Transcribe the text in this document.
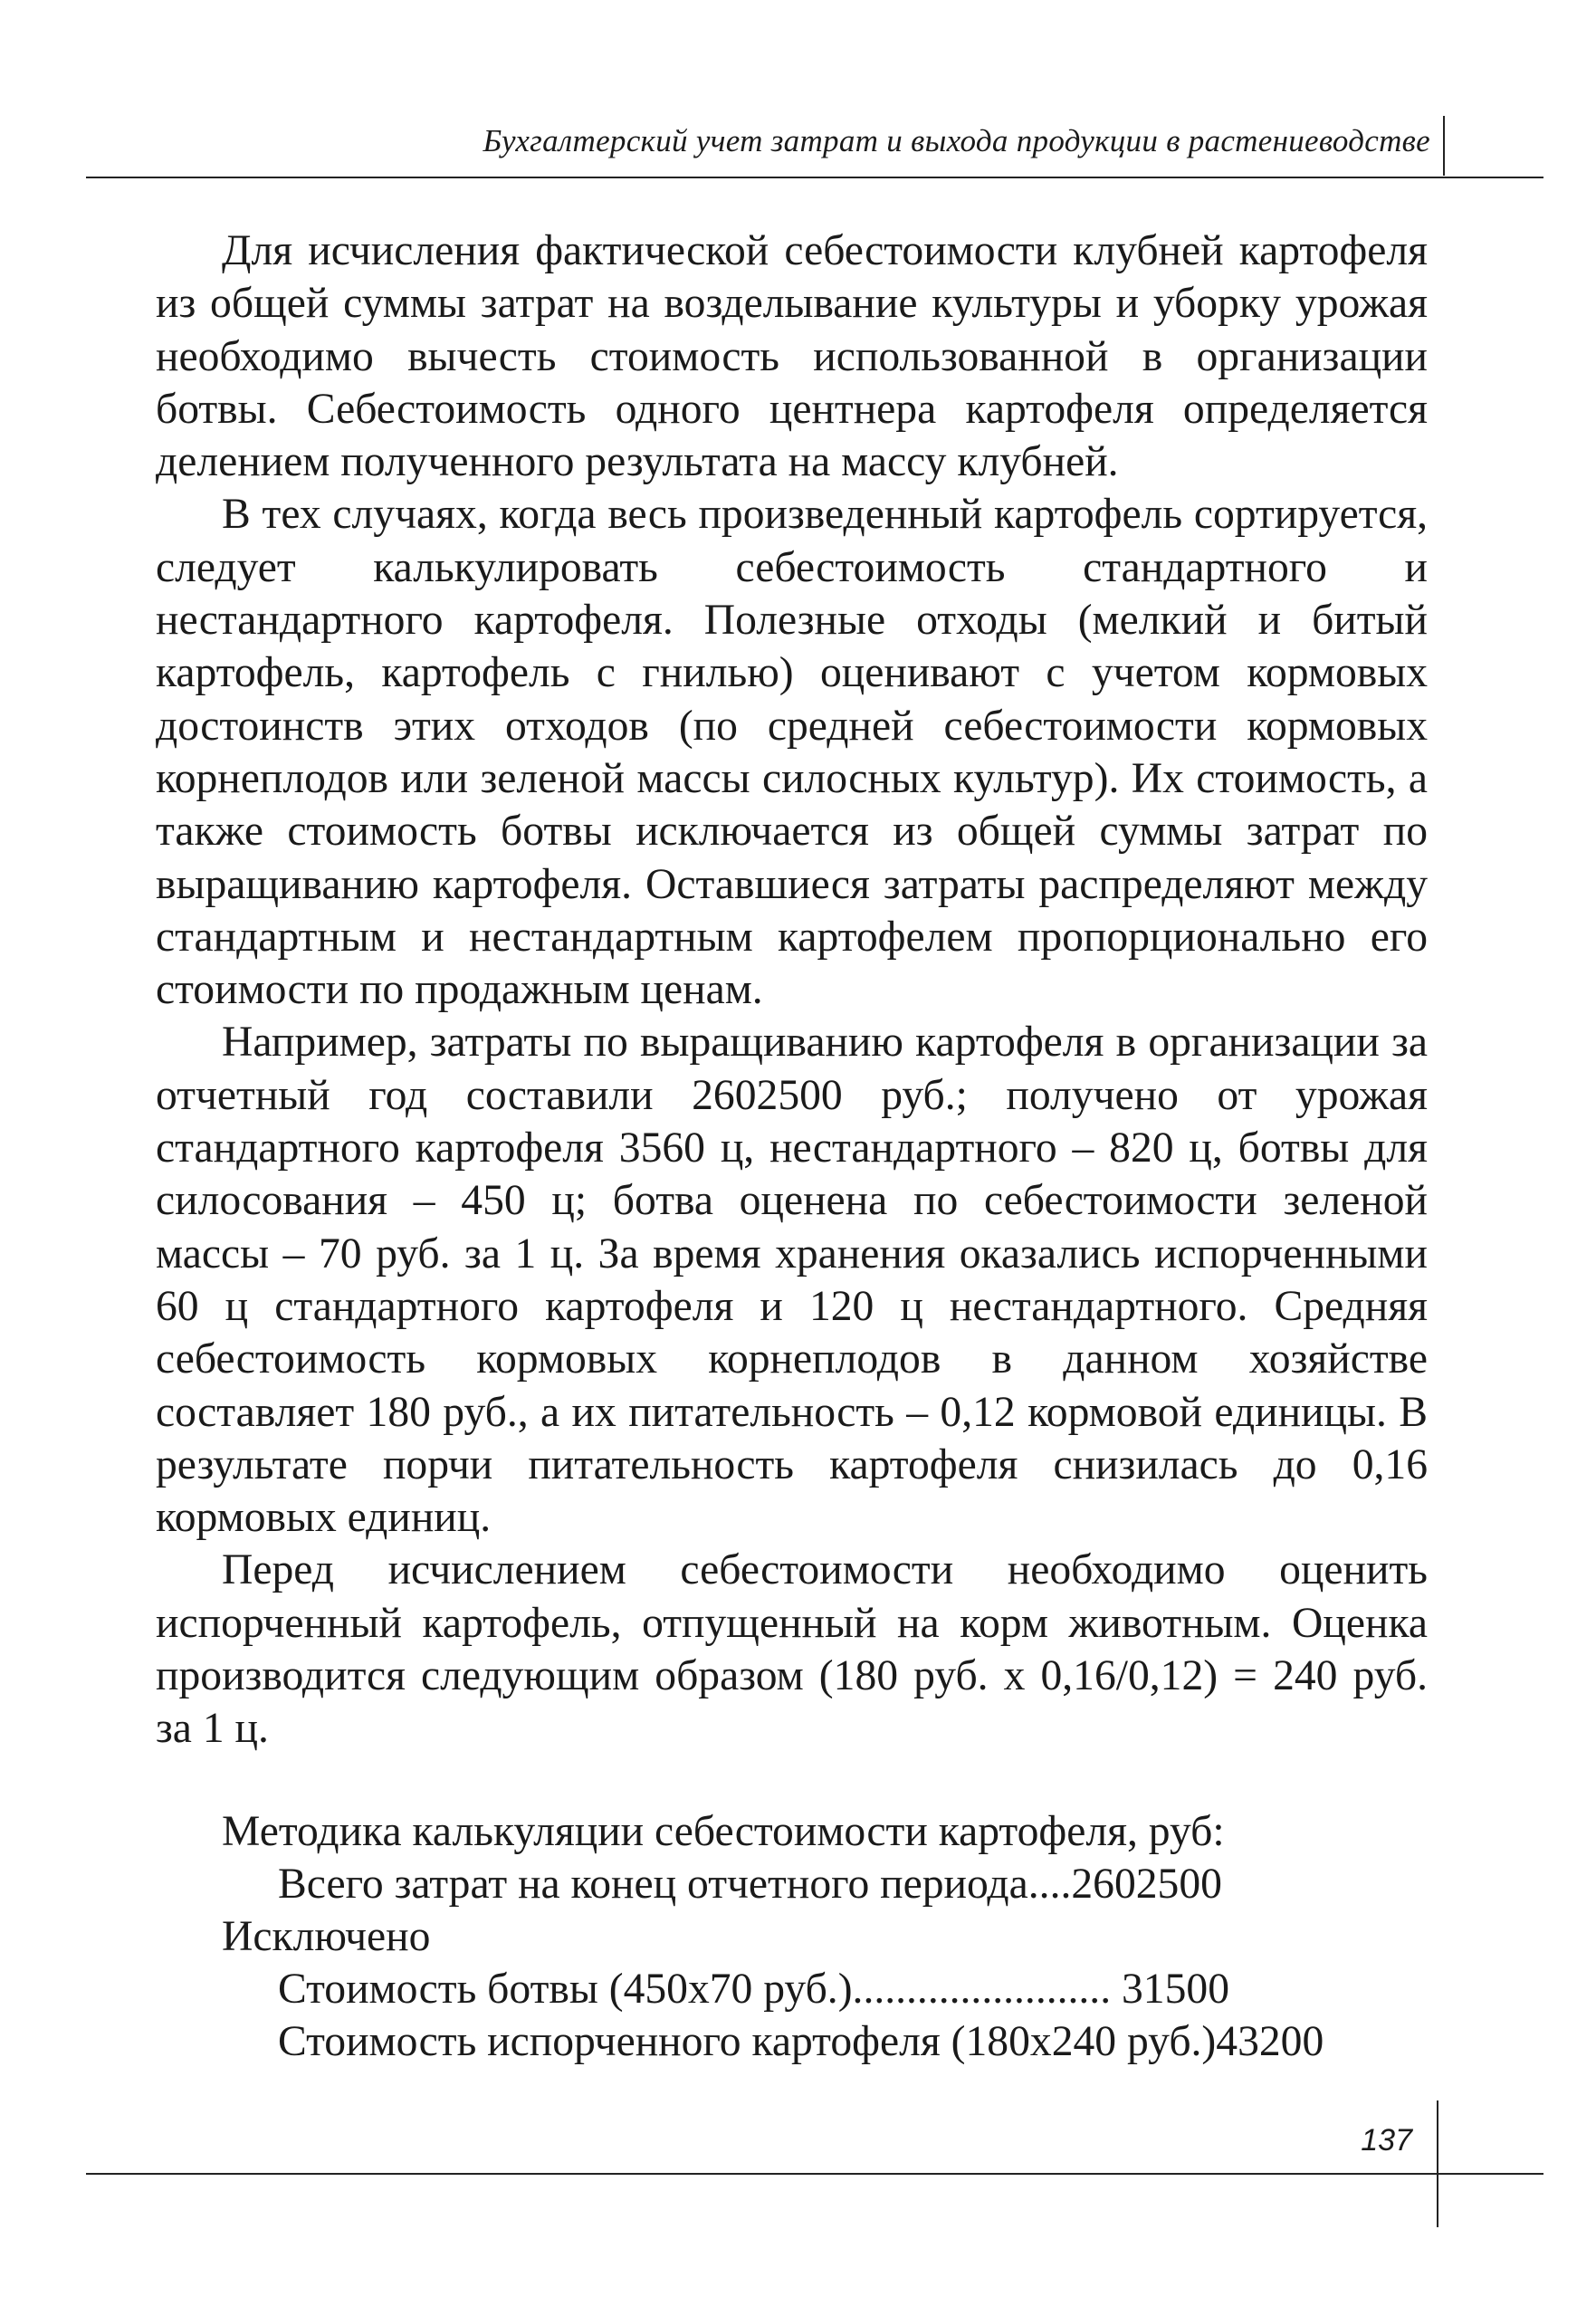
Бухгалтерский учет затрат и выхода продукции в растениеводстве

Для исчисления фактической себестоимости клубней картофеля из общей суммы затрат на возделывание культуры и уборку урожая необходимо вычесть стоимость использованной в организации ботвы. Себестоимость одного центнера картофеля определяется делением полученного результата на массу клубней.

В тех случаях, когда весь произведенный картофель сортируется, следует калькулировать себестоимость стандартного и нестандартного картофеля. Полезные отходы (мелкий и битый картофель, картофель с гнилью) оценивают с учетом кормовых достоинств этих отходов (по средней себестоимости кормовых корнеплодов или зеленой массы силосных культур). Их стоимость, а также стоимость ботвы исключается из общей суммы затрат по выращиванию картофеля. Оставшиеся затраты распределяют между стандартным и нестандартным картофелем пропорционально его стоимости по продажным ценам.

Например, затраты по выращиванию картофеля в организации за отчетный год составили 2602500 руб.; получено от урожая стандартного картофеля 3560 ц, нестандартного – 820 ц, ботвы для силосования – 450 ц; ботва оценена по себестоимости зеленой массы – 70 руб. за 1 ц. За время хранения оказались испорченными 60 ц стандартного картофеля и 120 ц нестандартного. Средняя себестоимость кормовых корнеплодов в данном хозяйстве составляет 180 руб., а их питательность – 0,12 кормовой единицы. В результате порчи питательность картофеля снизилась до 0,16 кормовых единиц.

Перед исчислением себестоимости необходимо оценить испорченный картофель, отпущенный на корм животным. Оценка производится следующим образом (180 руб. х 0,16/0,12) = 240 руб. за 1 ц.

Методика калькуляции себестоимости картофеля, руб:
Всего затрат на конец отчетного периода....2602500
Исключено
Стоимость ботвы (450х70 руб.)........................ 31500
Стоимость испорченного картофеля (180х240 руб.)43200
137
